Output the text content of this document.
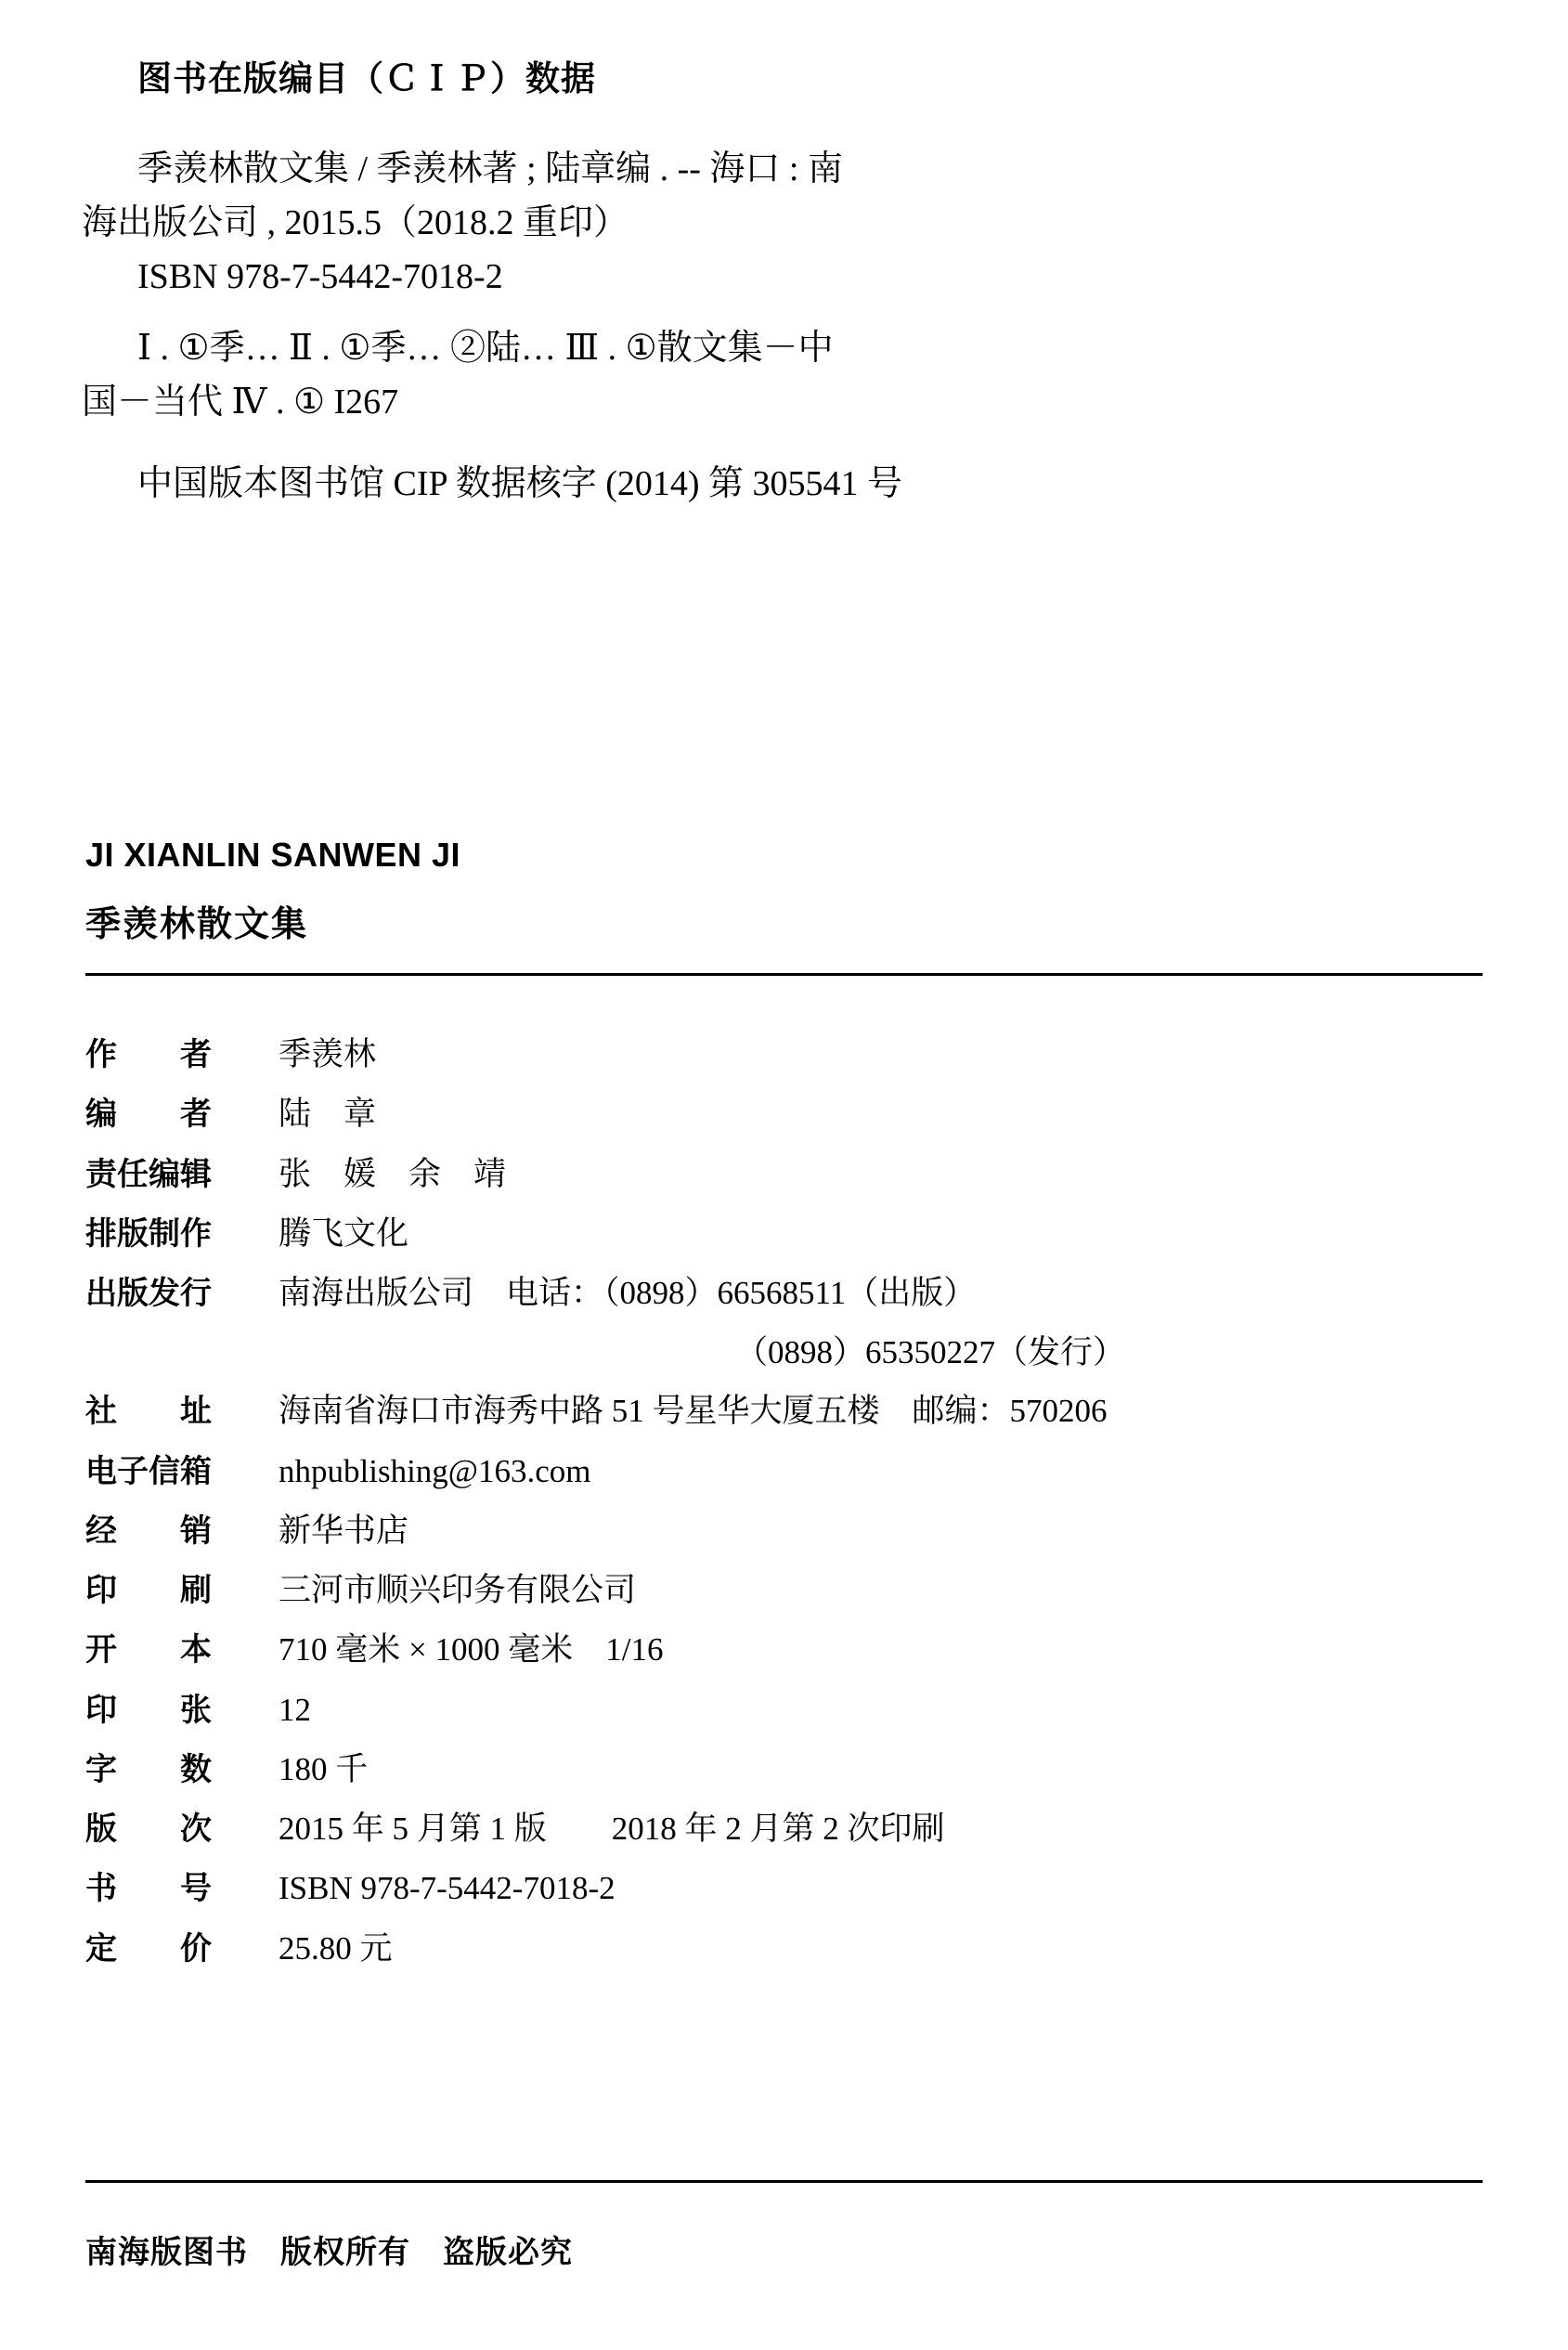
图书在版编目（ＣＩＰ）数据
季羡林散文集 / 季羡林著 ; 陆章编 . -- 海口 : 南
海出版公司 , 2015.5（2018.2 重印）
ISBN 978-7-5442-7018-2
Ⅰ . ①季… Ⅱ . ①季… ②陆… Ⅲ . ①散文集－中
国－当代 Ⅳ . ① I267
中国版本图书馆 CIP 数据核字 (2014) 第 305541 号
JI XIANLIN SANWEN JI
季羡林散文集
作　　者	季羡林
编　　者	陆　章
责任编辑	张　媛　余　靖
排版制作	腾飞文化
出版发行	南海出版公司　电话：（0898）66568511（出版）
（0898）65350227（发行）
社　　址	海南省海口市海秀中路 51 号星华大厦五楼　邮编：570206
电子信箱	nhpublishing@163.com
经　　销	新华书店
印　　刷	三河市顺兴印务有限公司
开　　本	710 毫米 × 1000 毫米　1/16
印　　张	12
字　　数	180 千
版　　次	2015 年 5 月第 1 版　　2018 年 2 月第 2 次印刷
书　　号	ISBN 978-7-5442-7018-2
定　　价	25.80 元
南海版图书　版权所有　盗版必究
